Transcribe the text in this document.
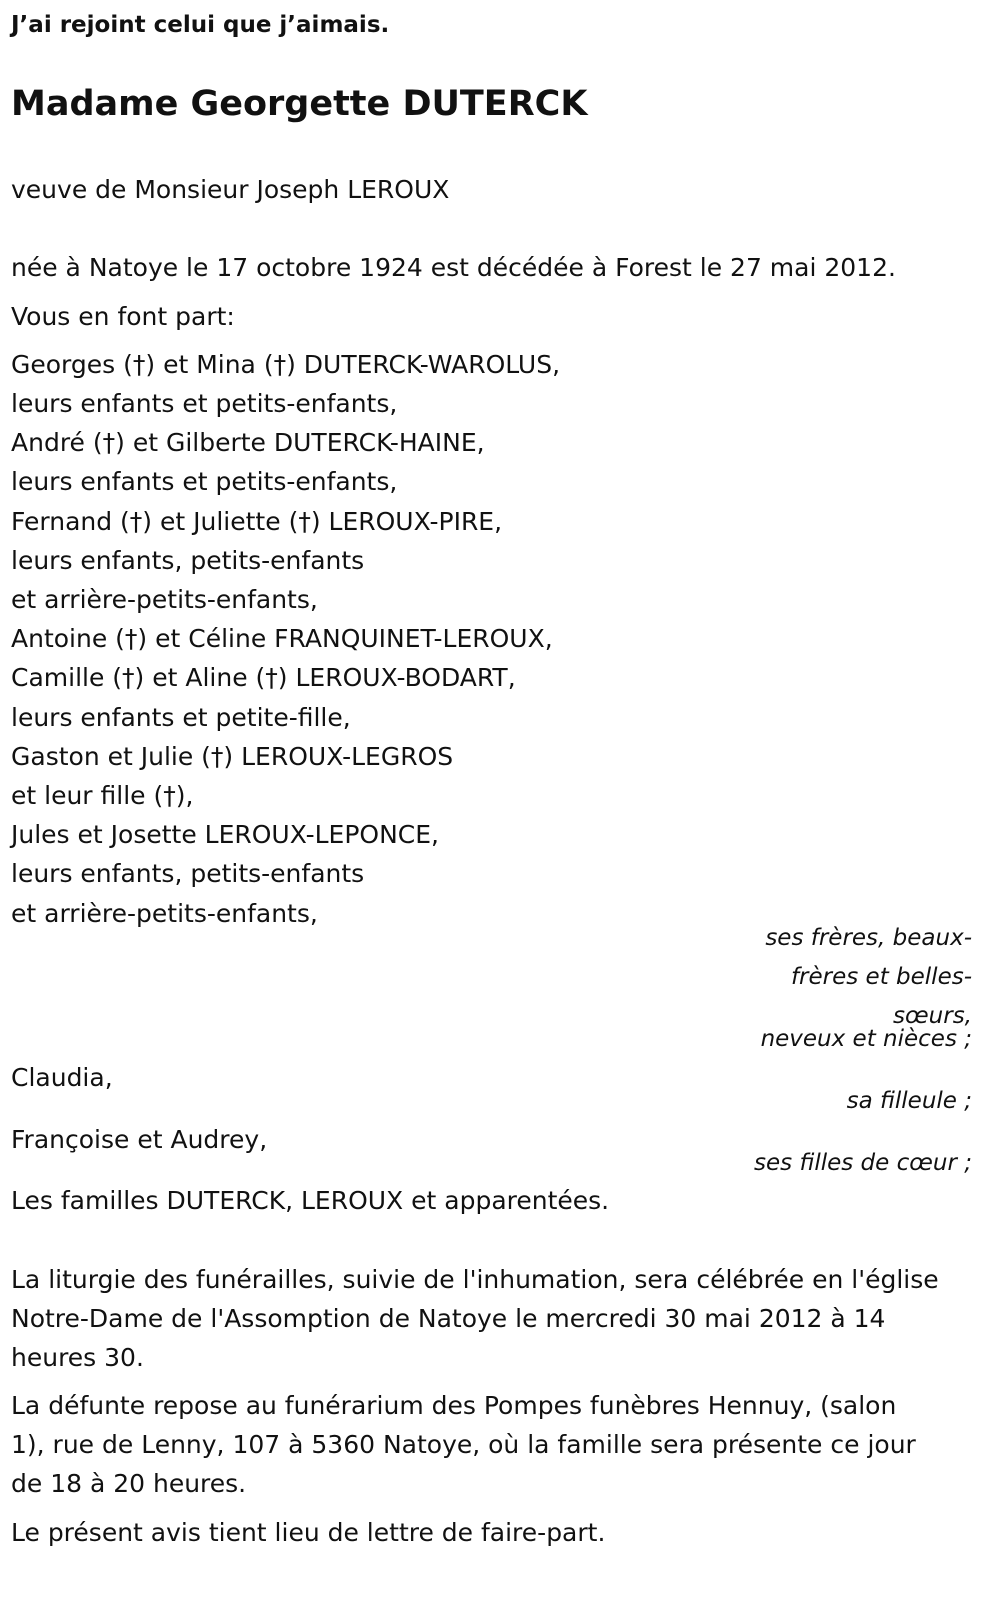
J’ai rejoint celui que j’aimais.

Madame Georgette DUTERCK

veuve de Monsieur Joseph LEROUX

née à Natoye le 17 octobre 1924 est décédée à Forest le 27 mai 2012.

Vous en font part:

Georges (†) et Mina (†) DUTERCK-WAROLUS,

leurs enfants et petits-enfants,

André (†) et Gilberte DUTERCK-HAINE,

leurs enfants et petits-enfants,

Fernand (†) et Juliette (†) LEROUX-PIRE,

leurs enfants, petits-enfants

et arrière-petits-enfants,

Antoine (†) et Céline FRANQUINET-LEROUX,

Camille (†) et Aline (†) LEROUX-BODART,

leurs enfants et petite-fille,

Gaston et Julie (†) LEROUX-LEGROS

et leur fille (†),

Jules et Josette LEROUX-LEPONCE,

leurs enfants, petits-enfants

et arrière-petits-enfants,

ses frères, beaux-

frères et belles-

sœurs,

neveux et nièces ;

Claudia,

sa filleule ;

Françoise et Audrey,

ses filles de cœur ;

Les familles DUTERCK, LEROUX et apparentées.

La liturgie des funérailles, suivie de l'inhumation, sera célébrée en l'église

Notre-Dame de l'Assomption de Natoye le mercredi 30 mai 2012 à 14

heures 30.

La défunte repose au funérarium des Pompes funèbres Hennuy, (salon

1), rue de Lenny, 107 à 5360 Natoye, où la famille sera présente ce jour

de 18 à 20 heures.

Le présent avis tient lieu de lettre de faire-part.
